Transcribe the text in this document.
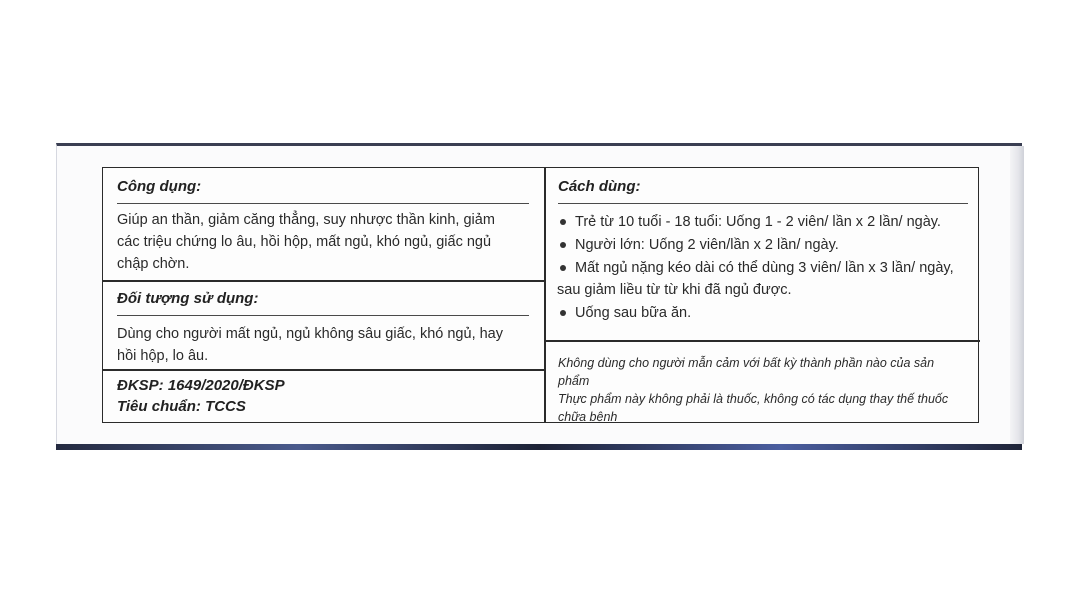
Công dụng:
Giúp an thần, giảm căng thẳng, suy nhược thần kinh, giảm
các triệu chứng lo âu, hồi hộp, mất ngủ, khó ngủ, giấc ngủ
chập chờn.
Đối tượng sử dụng:
Dùng cho người mất ngủ, ngủ không sâu giấc, khó ngủ, hay
hồi hộp, lo âu.
ĐKSP: 1649/2020/ĐKSP
Tiêu chuẩn: TCCS
Cách dùng:
Trẻ từ 10 tuổi - 18 tuổi: Uống 1 - 2 viên/ lần x 2 lần/ ngày.
Người lớn: Uống 2 viên/lần x 2 lần/ ngày.
Mất ngủ nặng kéo dài có thể dùng 3 viên/ lần x 3 lần/ ngày,
Uống sau bữa ăn.
Không dùng cho người mẫn cảm với bất kỳ thành phần nào của sản phẩm
Thực phẩm này không phải là thuốc, không có tác dụng thay thế thuốc
chữa bệnh
sau giảm liều từ từ khi đã ngủ được.
